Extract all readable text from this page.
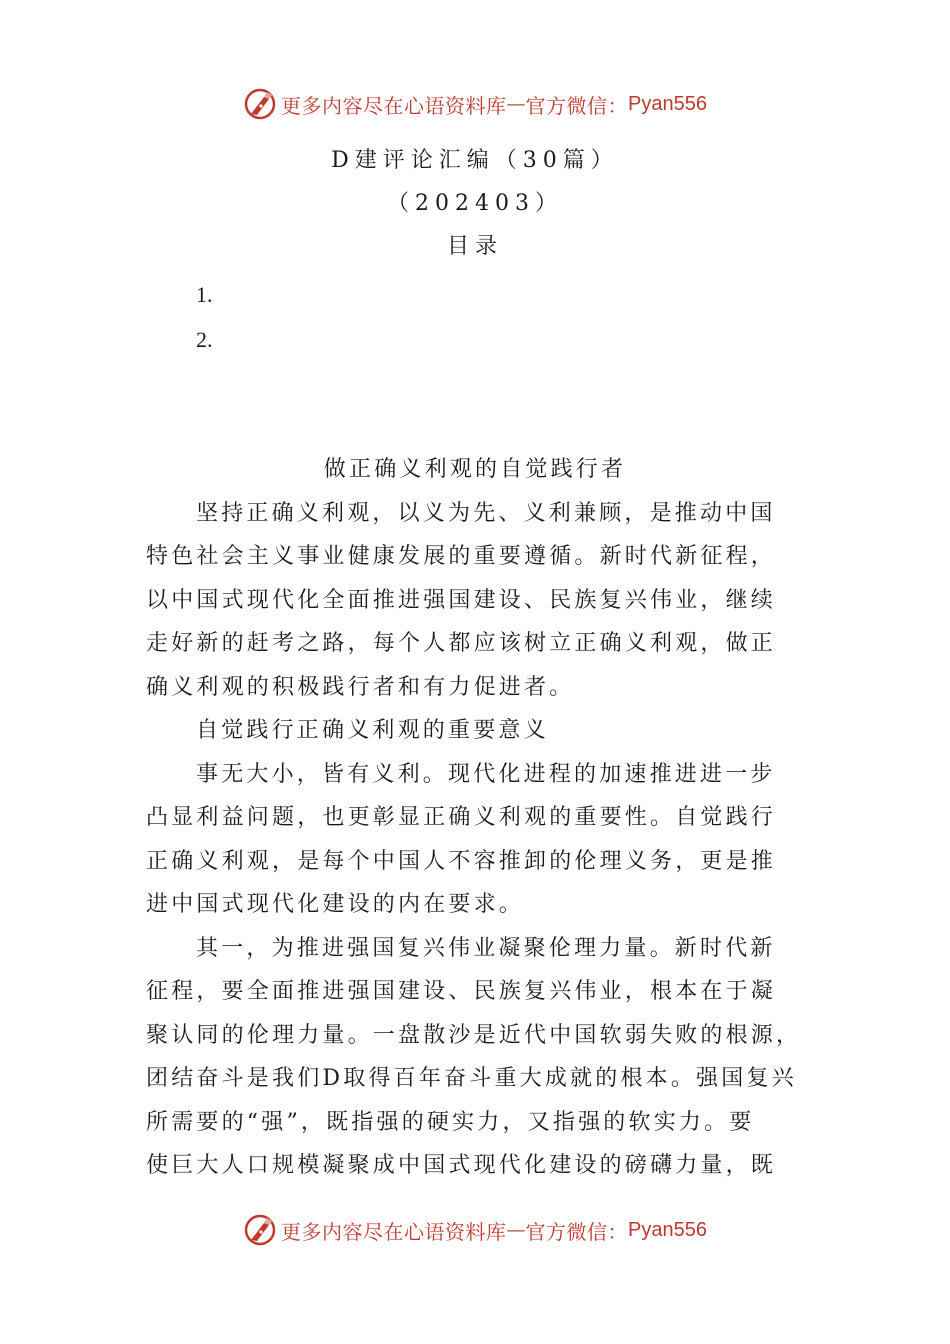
更多内容尽在心语资料库 — 官方微信： Pyan556
D建评论汇编（30篇）
（202403）
目录
1.
2.
做正确义利观的自觉践行者
坚持正确义利观，以义为先、义利兼顾，是推动中国
特色社会主义事业健康发展的重要遵循。新时代新征程，
以中国式现代化全面推进强国建设、民族复兴伟业，继续
走好新的赶考之路，每个人都应该树立正确义利观，做正
确义利观的积极践行者和有力促进者。
自觉践行正确义利观的重要意义
事无大小，皆有义利。现代化进程的加速推进进一步
凸显利益问题，也更彰显正确义利观的重要性。自觉践行
正确义利观，是每个中国人不容推卸的伦理义务，更是推
进中国式现代化建设的内在要求。
其一，为推进强国复兴伟业凝聚伦理力量。新时代新
征程，要全面推进强国建设、民族复兴伟业，根本在于凝
聚认同的伦理力量。一盘散沙是近代中国软弱失败的根源，
团结奋斗是我们D取得百年奋斗重大成就的根本。强国复兴
所需要的“强”，既指强的硬实力，又指强的软实力。要
使巨大人口规模凝聚成中国式现代化建设的磅礴力量，既
更多内容尽在心语资料库 — 官方微信： Pyan556
